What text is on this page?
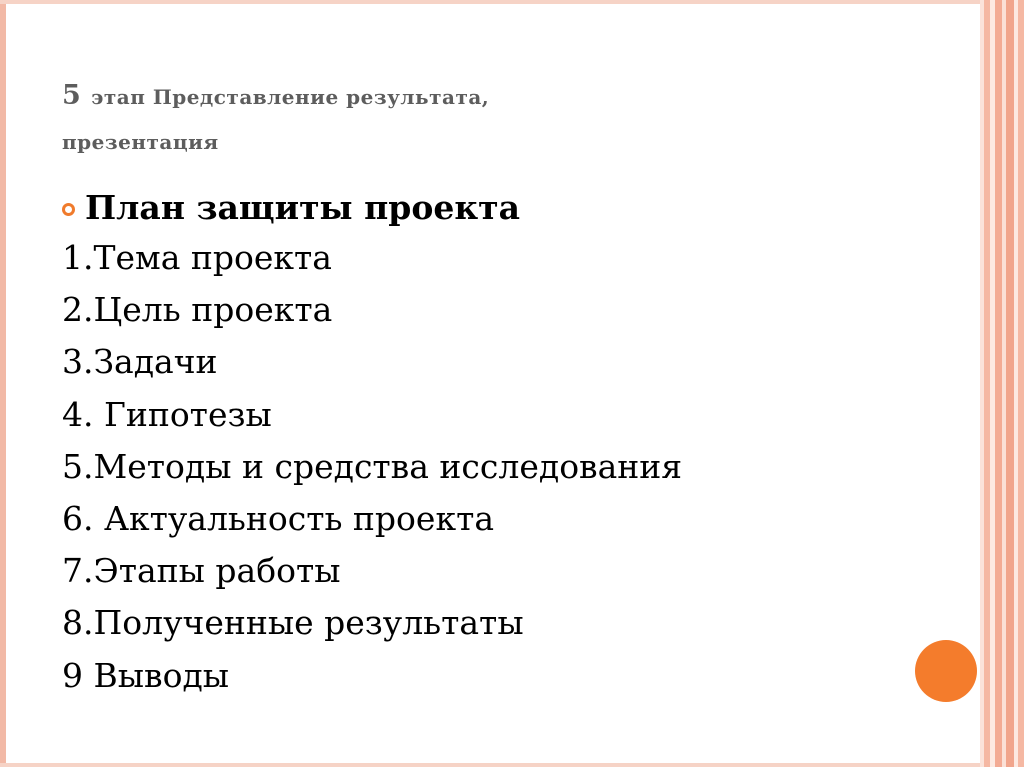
5 этап Представление результата,
презентация
План защиты проекта
1.Тема проекта
2.Цель проекта
3.Задачи
4. Гипотезы
5.Методы и средства исследования
6. Актуальность проекта
7.Этапы работы
8.Полученные результаты
9 Выводы
